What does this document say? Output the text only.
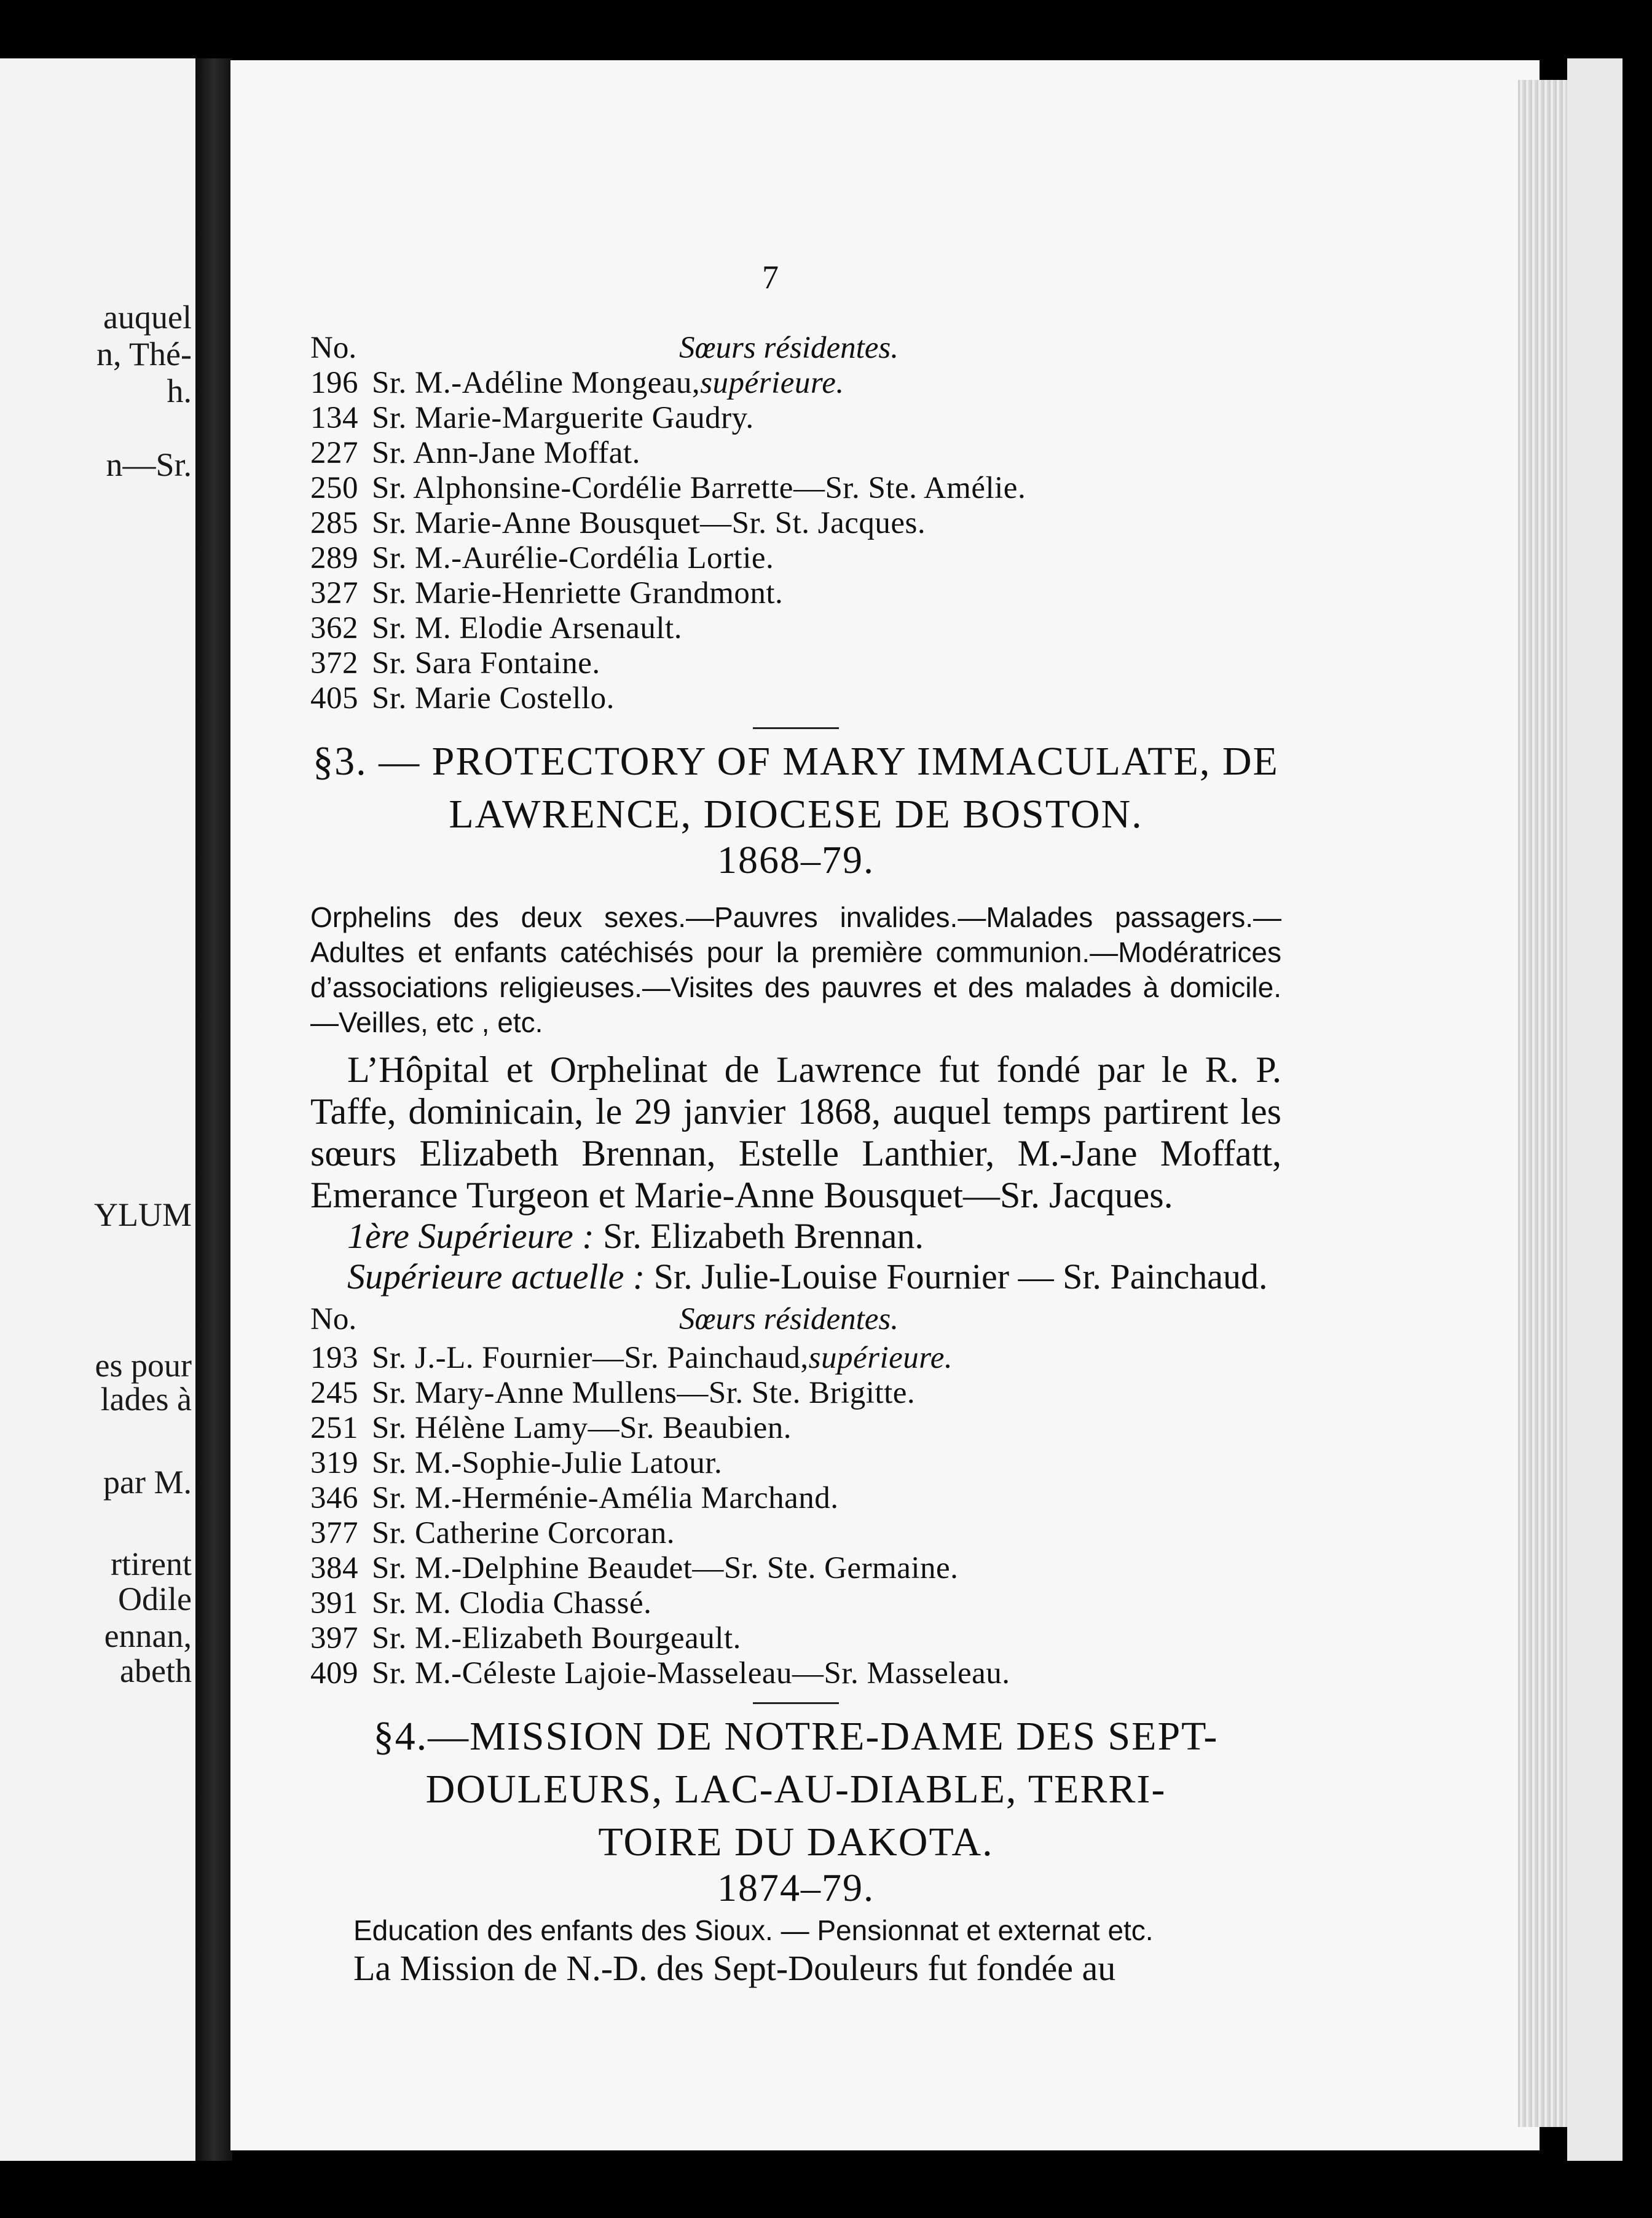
auquel
n, Thé-
h.
n—Sr.
YLUM
es pour
lades à
par M.
rtirent
Odile
ennan,
abeth
7
No.	Sœurs résidentes.
196 Sr. M.-Adéline Mongeau, supérieure.
134 Sr. Marie-Marguerite Gaudry.
227 Sr. Ann-Jane Moffat.
250 Sr. Alphonsine-Cordélie Barrette—Sr. Ste. Amélie.
285 Sr. Marie-Anne Bousquet—Sr. St. Jacques.
289 Sr. M.-Aurélie-Cordélia Lortie.
327 Sr. Marie-Henriette Grandmont.
362 Sr. M. Elodie Arsenault.
372 Sr. Sara Fontaine.
405 Sr. Marie Costello.
§3. — PROTECTORY OF MARY IMMACULATE, DE
LAWRENCE, DIOCESE DE BOSTON.
1868–79.
Orphelins des deux sexes.—Pauvres invalides.—Malades passagers.—Adultes et enfants catéchisés pour la première communion.—Modératrices d’associations religieuses.—Visites des pauvres et des malades à domicile.—Veilles, etc , etc.
L’Hôpital et Orphelinat de Lawrence fut fondé par le R. P. Taffe, dominicain, le 29 janvier 1868, auquel temps partirent les sœurs Elizabeth Brennan, Estelle Lanthier, M.-Jane Moffatt, Emerance Turgeon et Marie-Anne Bousquet—Sr. Jacques.
1ère Supérieure : Sr. Elizabeth Brennan.
Supérieure actuelle : Sr. Julie-Louise Fournier — Sr. Painchaud.
No.	Sœurs résidentes.
193 Sr. J.-L. Fournier—Sr. Painchaud, supérieure.
245 Sr. Mary-Anne Mullens—Sr. Ste. Brigitte.
251 Sr. Hélène Lamy—Sr. Beaubien.
319 Sr. M.-Sophie-Julie Latour.
346 Sr. M.-Herménie-Amélia Marchand.
377 Sr. Catherine Corcoran.
384 Sr. M.-Delphine Beaudet—Sr. Ste. Germaine.
391 Sr. M. Clodia Chassé.
397 Sr. M.-Elizabeth Bourgeault.
409 Sr. M.-Céleste Lajoie-Masseleau—Sr. Masseleau.
§4.—MISSION DE NOTRE-DAME DES SEPT-
DOULEURS, LAC-AU-DIABLE, TERRI-
TOIRE DU DAKOTA.
1874–79.
Education des enfants des Sioux. — Pensionnat et externat etc.
La Mission de N.-D. des Sept-Douleurs fut fondée au
